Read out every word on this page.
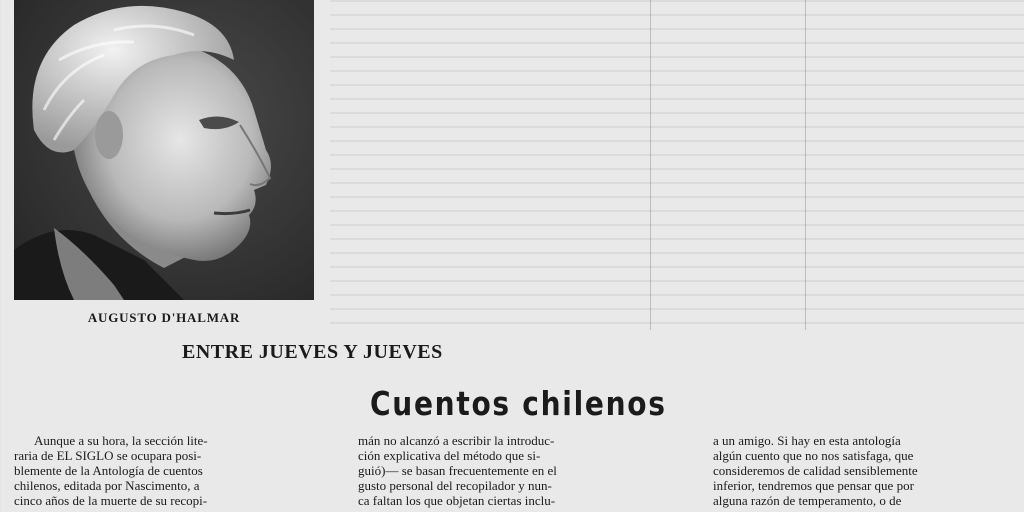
AUGUSTO D'HALMAR
ENTRE JUEVES Y JUEVES
Cuentos chilenos
Aunque a su hora, la sección lite-
raria de EL SIGLO se ocupara posi-
blemente de la Antología de cuentos
chilenos, editada por Nascimento, a
cinco años de la muerte de su recopi-
mán no alcanzó a escribir la introduc-
ción explicativa del método que si-
guió)— se basan frecuentemente en el
gusto personal del recopilador y nun-
ca faltan los que objetan ciertas inclu-
a un amigo. Si hay en esta antología
algún cuento que no nos satisfaga, que
consideremos de calidad sensiblemente
inferior, tendremos que pensar que por
alguna razón de temperamento, o de
